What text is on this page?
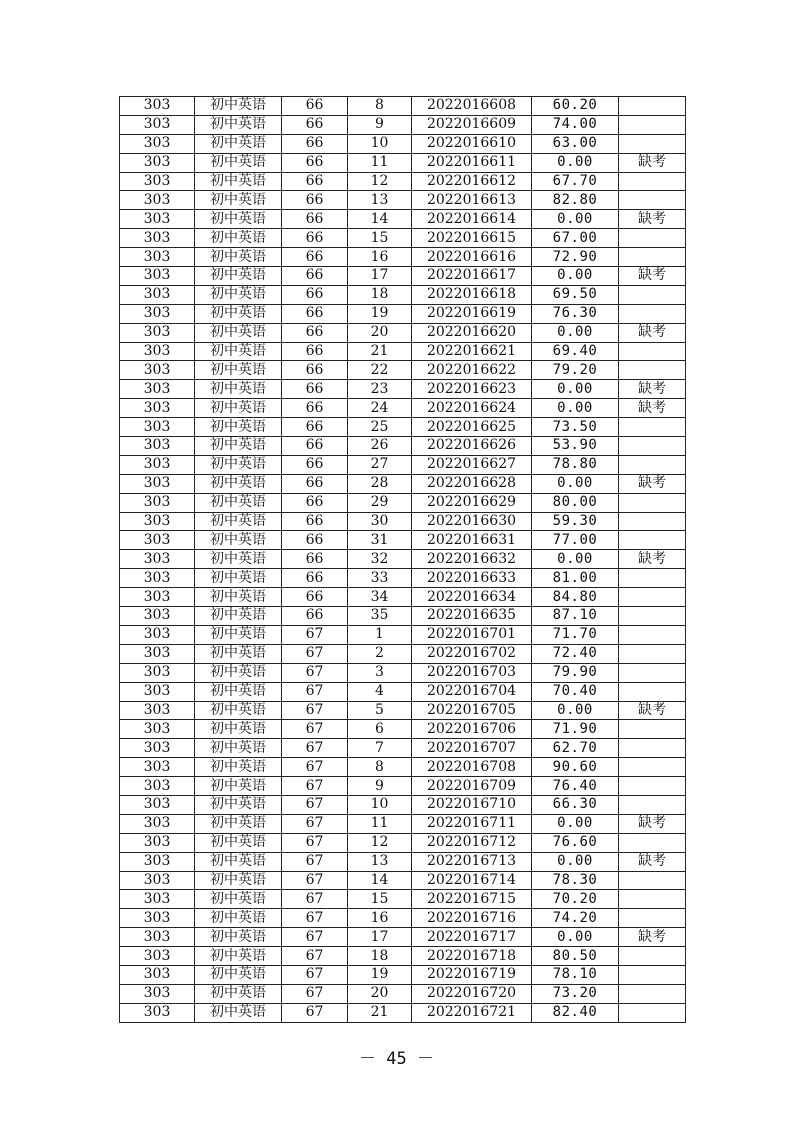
303	初中英语	66	8	2022016608	60.20	
303	初中英语	66	9	2022016609	74.00	
303	初中英语	66	10	2022016610	63.00	
303	初中英语	66	11	2022016611	0.00	缺考
303	初中英语	66	12	2022016612	67.70	
303	初中英语	66	13	2022016613	82.80	
303	初中英语	66	14	2022016614	0.00	缺考
303	初中英语	66	15	2022016615	67.00	
303	初中英语	66	16	2022016616	72.90	
303	初中英语	66	17	2022016617	0.00	缺考
303	初中英语	66	18	2022016618	69.50	
303	初中英语	66	19	2022016619	76.30	
303	初中英语	66	20	2022016620	0.00	缺考
303	初中英语	66	21	2022016621	69.40	
303	初中英语	66	22	2022016622	79.20	
303	初中英语	66	23	2022016623	0.00	缺考
303	初中英语	66	24	2022016624	0.00	缺考
303	初中英语	66	25	2022016625	73.50	
303	初中英语	66	26	2022016626	53.90	
303	初中英语	66	27	2022016627	78.80	
303	初中英语	66	28	2022016628	0.00	缺考
303	初中英语	66	29	2022016629	80.00	
303	初中英语	66	30	2022016630	59.30	
303	初中英语	66	31	2022016631	77.00	
303	初中英语	66	32	2022016632	0.00	缺考
303	初中英语	66	33	2022016633	81.00	
303	初中英语	66	34	2022016634	84.80	
303	初中英语	66	35	2022016635	87.10	
303	初中英语	67	1	2022016701	71.70	
303	初中英语	67	2	2022016702	72.40	
303	初中英语	67	3	2022016703	79.90	
303	初中英语	67	4	2022016704	70.40	
303	初中英语	67	5	2022016705	0.00	缺考
303	初中英语	67	6	2022016706	71.90	
303	初中英语	67	7	2022016707	62.70	
303	初中英语	67	8	2022016708	90.60	
303	初中英语	67	9	2022016709	76.40	
303	初中英语	67	10	2022016710	66.30	
303	初中英语	67	11	2022016711	0.00	缺考
303	初中英语	67	12	2022016712	76.60	
303	初中英语	67	13	2022016713	0.00	缺考
303	初中英语	67	14	2022016714	78.30	
303	初中英语	67	15	2022016715	70.20	
303	初中英语	67	16	2022016716	74.20	
303	初中英语	67	17	2022016717	0.00	缺考
303	初中英语	67	18	2022016718	80.50	
303	初中英语	67	19	2022016719	78.10	
303	初中英语	67	20	2022016720	73.20	
303	初中英语	67	21	2022016721	82.40	
－ 45 －
